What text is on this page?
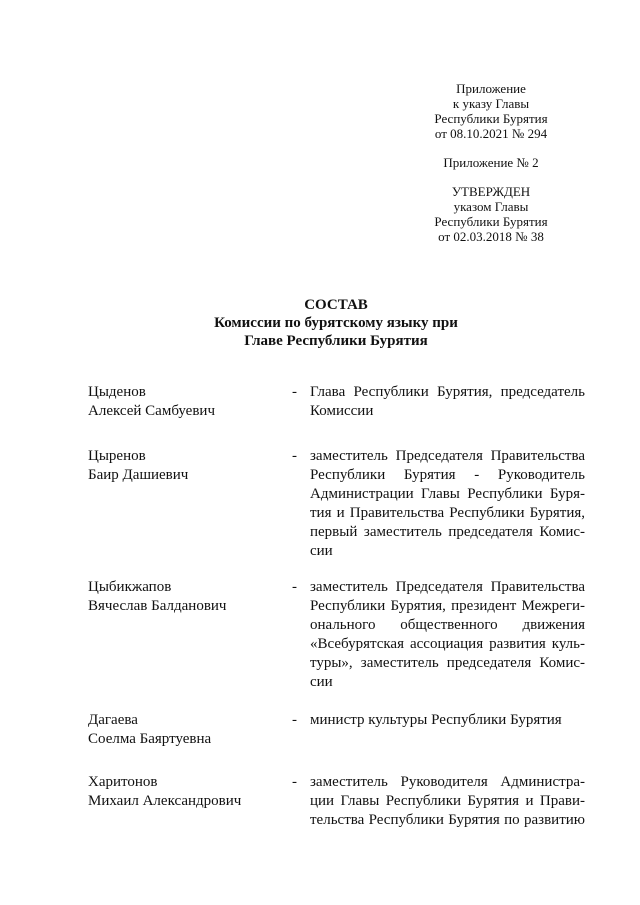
Приложение
к указу Главы
Республики Бурятия
от 08.10.2021 № 294
Приложение № 2
УТВЕРЖДЕН
указом Главы
Республики Бурятия
от 02.03.2018 № 38
СОСТАВ
Комиссии по бурятскому языку при
Главе Республики Бурятия
Цыденов
Алексей Самбуевич
- Глава Республики Бурятия, председатель
Комиссии
Цыренов
Баир Дашиевич
- заместитель Председателя Правительства
Республики Бурятия - Руководитель
Администрации Главы Республики Буря-
тия и Правительства Республики Бурятия,
первый заместитель председателя Комис-
сии
Цыбикжапов
Вячеслав Балданович
- заместитель Председателя Правительства
Республики Бурятия, президент Межреги-
онального общественного движения
«Всебурятская ассоциация развития куль-
туры», заместитель председателя Комис-
сии
Дагаева
Соелма Баяртуевна
- министр культуры Республики Бурятия
Харитонов
Михаил Александрович
- заместитель Руководителя Администра-
ции Главы Республики Бурятия и Прави-
тельства Республики Бурятия по развитию
